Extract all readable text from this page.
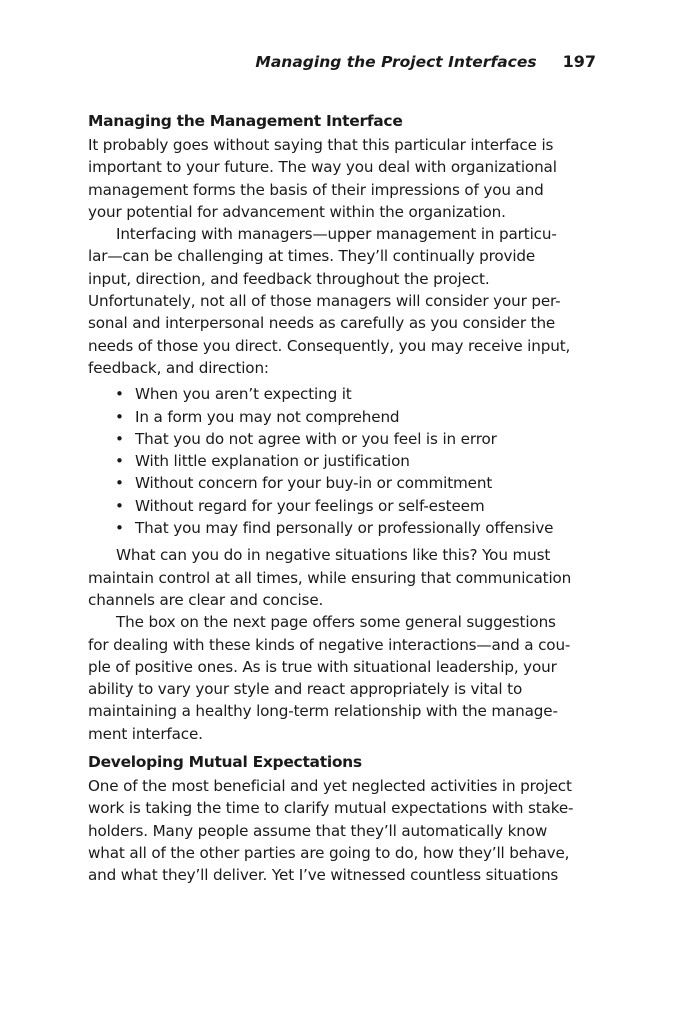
Managing the Project Interfaces 197
Managing the Management Interface

It probably goes without saying that this particular interface is
important to your future. The way you deal with organizational
management forms the basis of their impressions of you and
your potential for advancement within the organization.

Interfacing with managers—upper management in particu-
lar—can be challenging at times. They’ll continually provide
input, direction, and feedback throughout the project.
Unfortunately, not all of those managers will consider your per-
sonal and interpersonal needs as carefully as you consider the
needs of those you direct. Consequently, you may receive input,
feedback, and direction:

• When you aren’t expecting it
• In a form you may not comprehend
• That you do not agree with or you feel is in error
• With little explanation or justification
• Without concern for your buy-in or commitment
• Without regard for your feelings or self-esteem
• That you may find personally or professionally offensive

What can you do in negative situations like this? You must
maintain control at all times, while ensuring that communication
channels are clear and concise.

The box on the next page offers some general suggestions
for dealing with these kinds of negative interactions—and a cou-
ple of positive ones. As is true with situational leadership, your
ability to vary your style and react appropriately is vital to
maintaining a healthy long-term relationship with the manage-
ment interface.

Developing Mutual Expectations

One of the most beneficial and yet neglected activities in project
work is taking the time to clarify mutual expectations with stake-
holders. Many people assume that they’ll automatically know
what all of the other parties are going to do, how they’ll behave,
and what they’ll deliver. Yet I’ve witnessed countless situations
